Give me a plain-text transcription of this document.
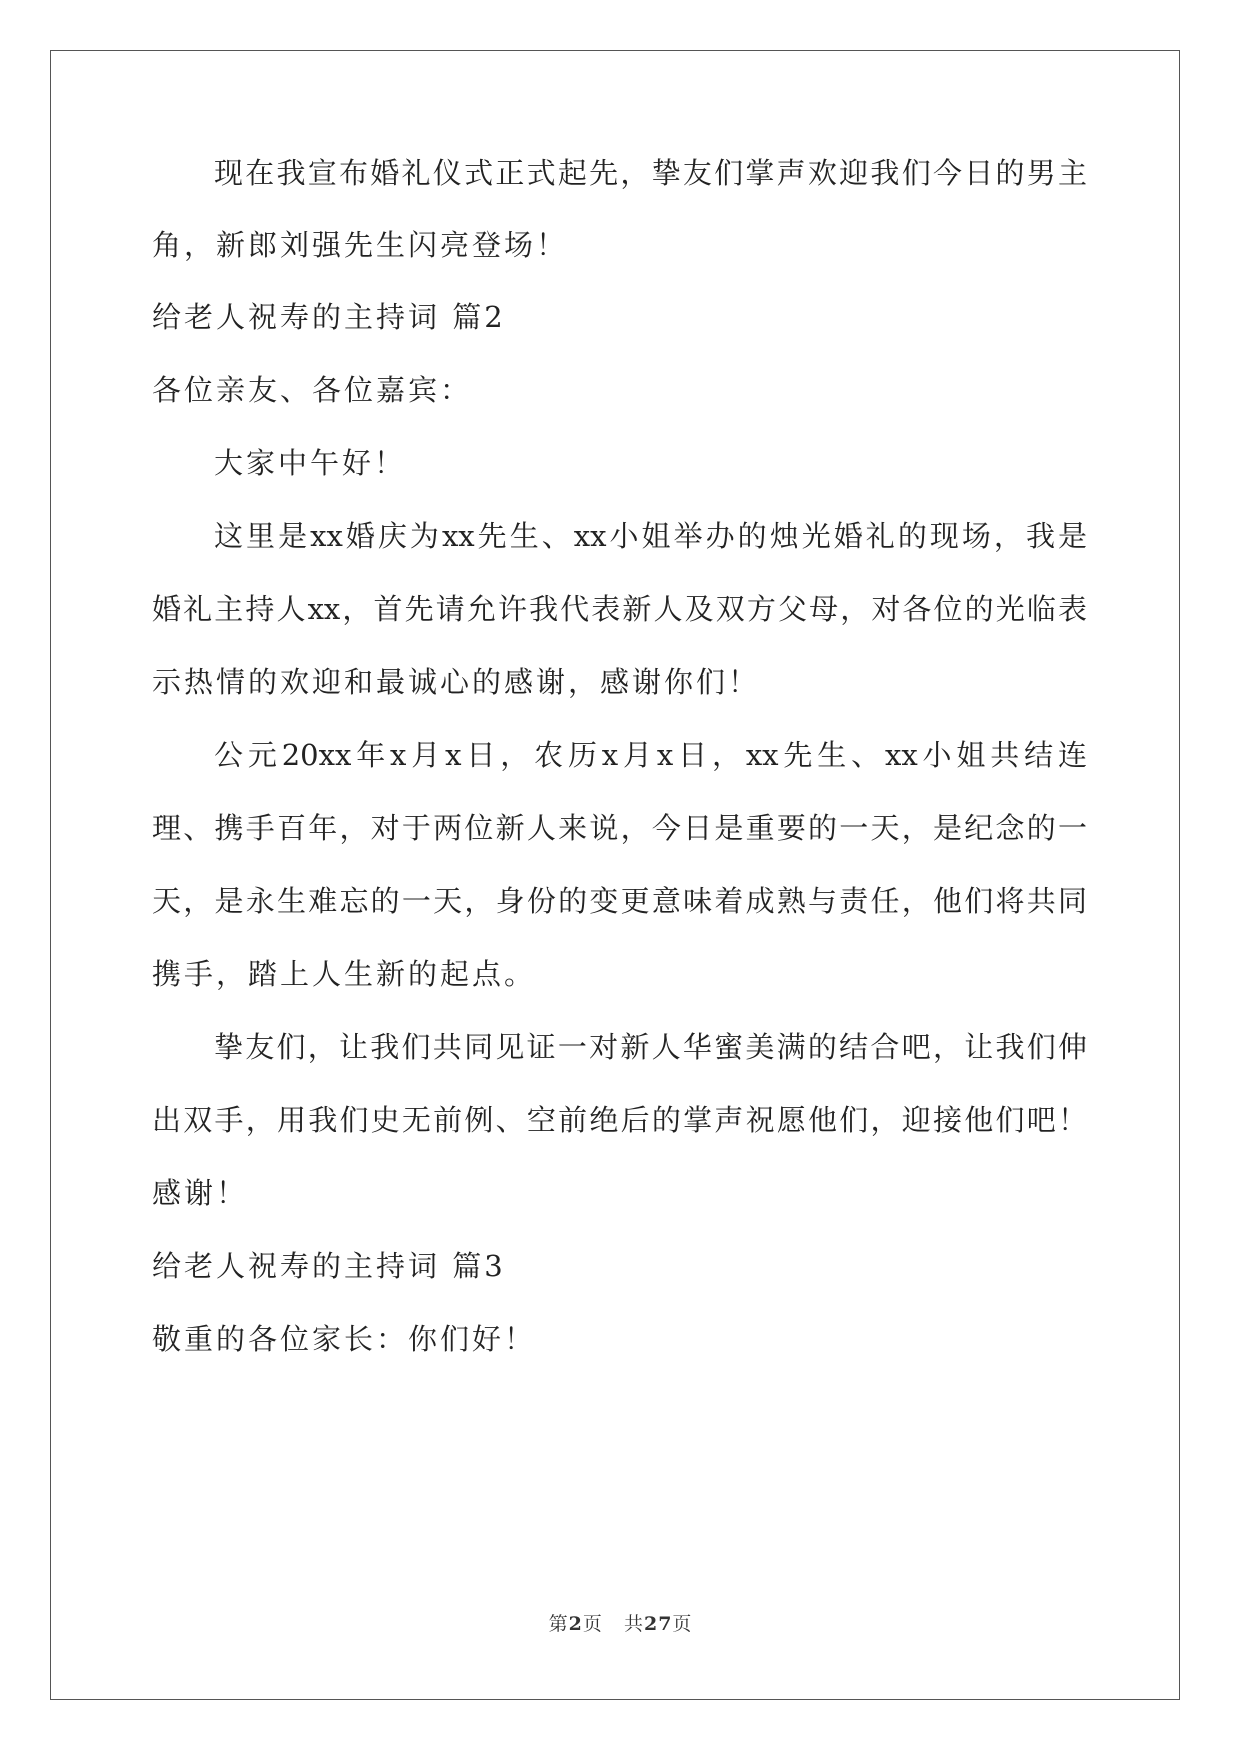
现在我宣布婚礼仪式正式起先，挚友们掌声欢迎我们今日的男主
角，新郎刘强先生闪亮登场！
给老人祝寿的主持词 篇2
各位亲友、各位嘉宾：
大家中午好！
这里是xx婚庆为xx先生、xx小姐举办的烛光婚礼的现场，我是
婚礼主持人xx，首先请允许我代表新人及双方父母，对各位的光临表
示热情的欢迎和最诚心的感谢，感谢你们！
公元20xx年x月x日，农历x月x日，xx先生、xx小姐共结连
理、携手百年，对于两位新人来说，今日是重要的一天，是纪念的一
天，是永生难忘的一天，身份的变更意味着成熟与责任，他们将共同
携手，踏上人生新的起点。
挚友们，让我们共同见证一对新人华蜜美满的结合吧，让我们伸
出双手，用我们史无前例、空前绝后的掌声祝愿他们，迎接他们吧！
感谢！
给老人祝寿的主持词 篇3
敬重的各位家长：你们好！
第2页 共27页
